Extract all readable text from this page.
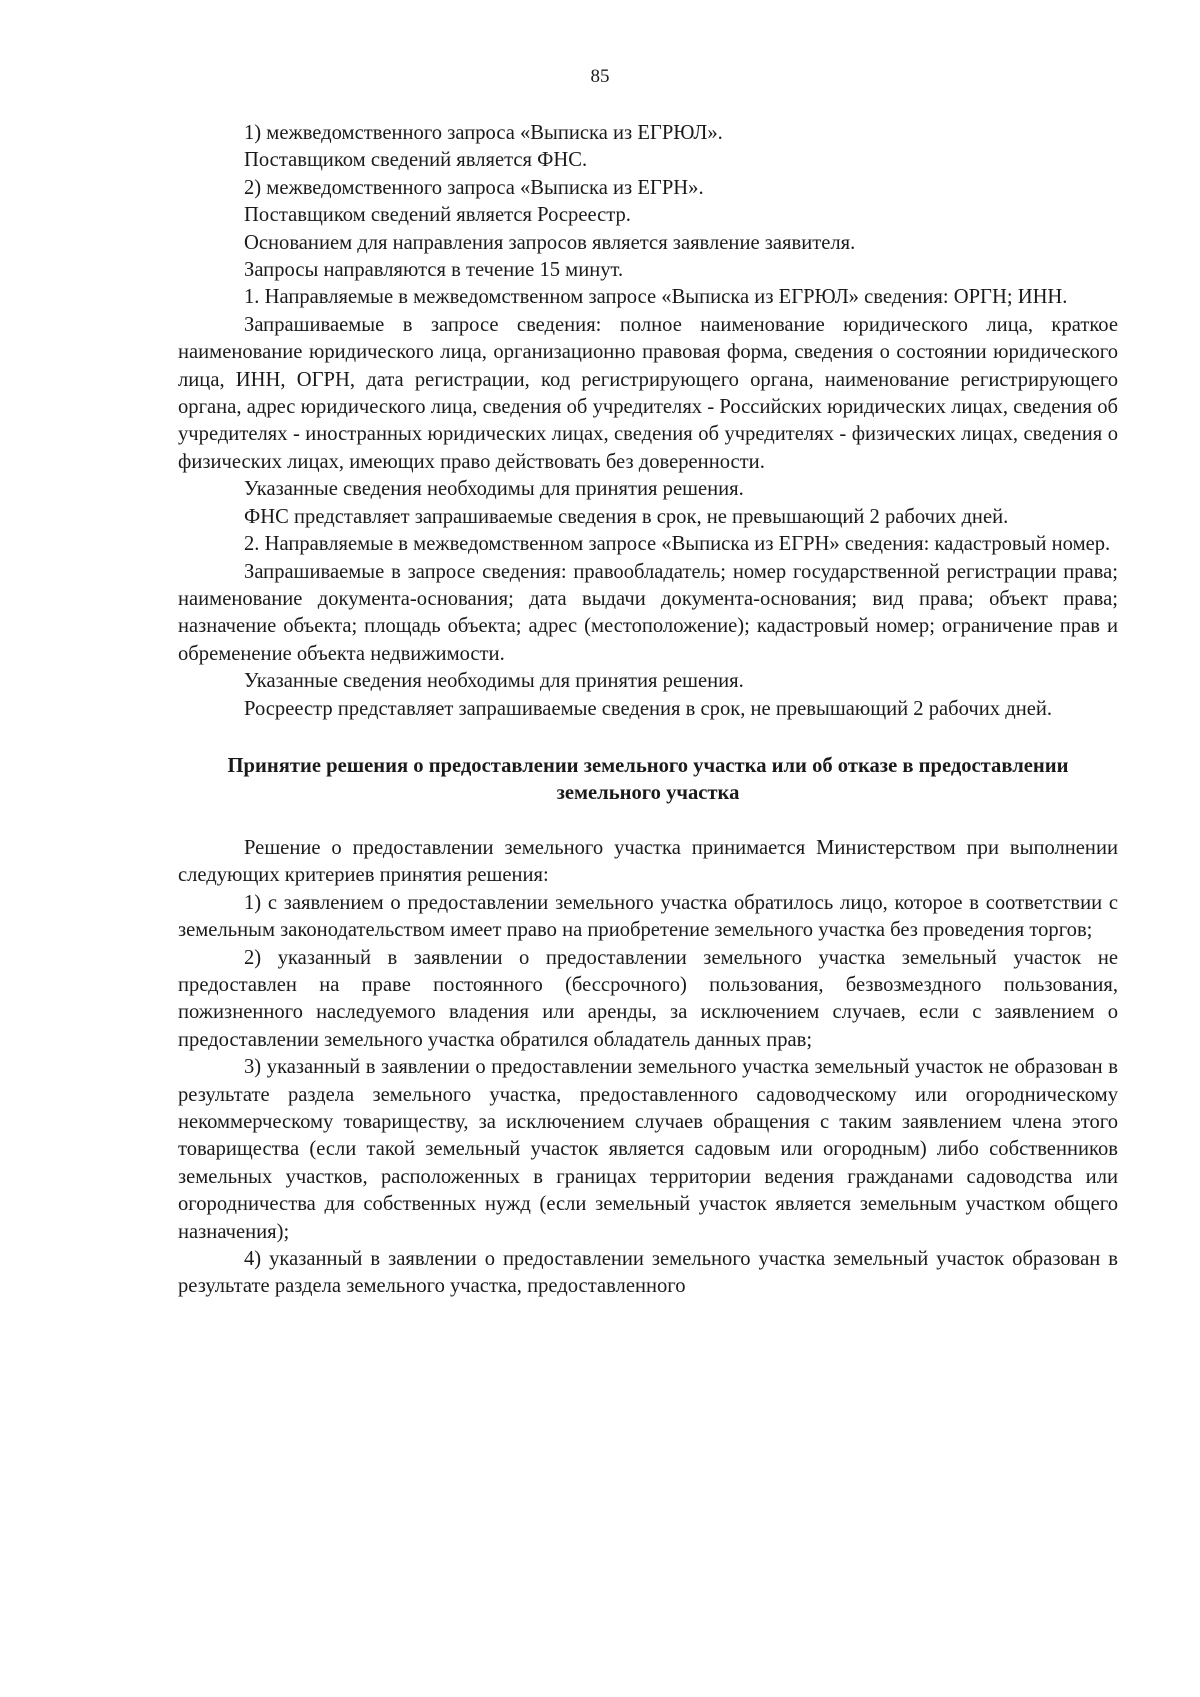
85

1) межведомственного запроса «Выписка из ЕГРЮЛ».

Поставщиком сведений является ФНС.

2) межведомственного запроса «Выписка из ЕГРН».

Поставщиком сведений является Росреестр.

Основанием для направления запросов является заявление заявителя.

Запросы направляются в течение 15 минут.

1. Направляемые в межведомственном запросе «Выписка из ЕГРЮЛ» сведения: ОРГН; ИНН.

Запрашиваемые в запросе сведения: полное наименование юридического лица, краткое наименование юридического лица, организационно правовая форма, сведения о состоянии юридического лица, ИНН, ОГРН, дата регистрации, код регистрирующего органа, наименование регистрирующего органа, адрес юридического лица, сведения об учредителях - Российских юридических лицах, сведения об учредителях - иностранных юридических лицах, сведения об учредителях - физических лицах, сведения о физических лицах, имеющих право действовать без доверенности.

Указанные сведения необходимы для принятия решения.

ФНС представляет запрашиваемые сведения в срок, не превышающий 2 рабочих дней.

2. Направляемые в межведомственном запросе «Выписка из ЕГРН» сведения: кадастровый номер.

Запрашиваемые в запросе сведения: правообладатель; номер государственной регистрации права; наименование документа-основания; дата выдачи документа-основания; вид права; объект права; назначение объекта; площадь объекта; адрес (местоположение); кадастровый номер; ограничение прав и обременение объекта недвижимости.

Указанные сведения необходимы для принятия решения.

Росреестр представляет запрашиваемые сведения в срок, не превышающий 2 рабочих дней.

Принятие решения о предоставлении земельного участка или об отказе в предоставлении земельного участка

Решение о предоставлении земельного участка принимается Министерством при выполнении следующих критериев принятия решения:

1) с заявлением о предоставлении земельного участка обратилось лицо, которое в соответствии с земельным законодательством имеет право на приобретение земельного участка без проведения торгов;

2) указанный в заявлении о предоставлении земельного участка земельный участок не предоставлен на праве постоянного (бессрочного) пользования, безвозмездного пользования, пожизненного наследуемого владения или аренды, за исключением случаев, если с заявлением о предоставлении земельного участка обратился обладатель данных прав;

3) указанный в заявлении о предоставлении земельного участка земельный участок не образован в результате раздела земельного участка, предоставленного садоводческому или огородническому некоммерческому товариществу, за исключением случаев обращения с таким заявлением члена этого товарищества (если такой земельный участок является садовым или огородным) либо собственников земельных участков, расположенных в границах территории ведения гражданами садоводства или огородничества для собственных нужд (если земельный участок является земельным участком общего назначения);

4) указанный в заявлении о предоставлении земельного участка земельный участок образован в результате раздела земельного участка, предоставленного
